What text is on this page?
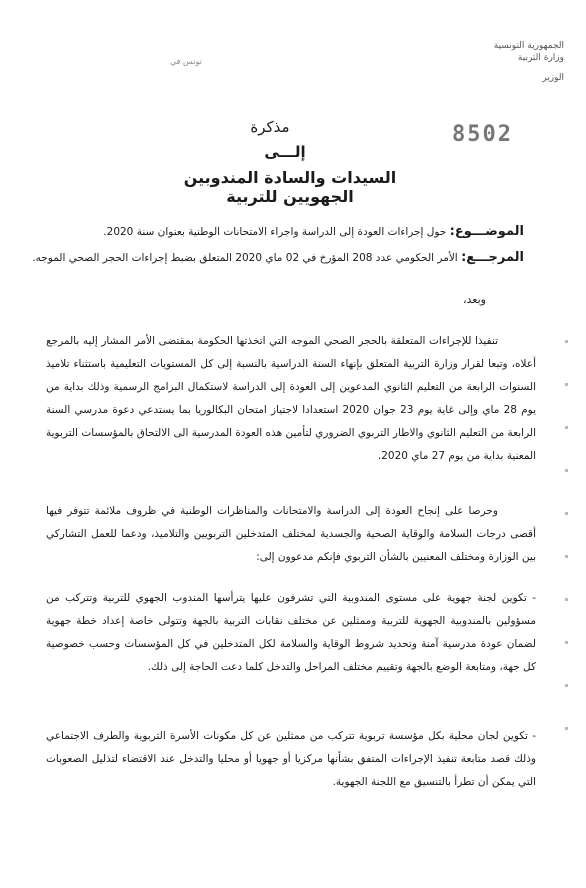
الجمهورية التونسية
وزارة التربية
الوزير
تونس في
8502
مذكرة
إلـــى
السيدات والسادة المندوبين الجهويين للتربية
الموضـــوع: حول إجراءات العودة إلى الدراسة واجراء الامتحانات الوطنية بعنوان سنة 2020.
المرجـــع: الأمر الحكومي عدد 208 المؤرخ في 02 ماي 2020 المتعلق بضبط إجراءات الحجر الصحي الموجه.
وبعد،
تنفيذا للإجراءات المتعلقة بالحجر الصحي الموجه التي اتخذتها الحكومة بمقتضى الأمر المشار إليه بالمرجع أعلاه، وتبعا لقرار وزارة التربية المتعلق بإنهاء السنة الدراسية بالنسبة إلى كل المستويات التعليمية باستثناء تلاميذ السنوات الرابعة من التعليم الثانوي المدعوين إلى العودة إلى الدراسة لاستكمال البرامج الرسمية وذلك بداية من يوم 28 ماي وإلى غاية يوم 23 جوان 2020 استعدادا لاجتياز امتحان البكالوريا بما يستدعي دعوة مدرسي السنة الرابعة من التعليم الثانوي والاطار التربوي الضروري لتأمين هذه العودة المدرسية الى الالتحاق بالمؤسسات التربوية المعنية بداية من يوم 27 ماي 2020.
وحرصا على إنجاح العودة إلى الدراسة والامتحانات والمناظرات الوطنية في ظروف ملائمة تتوفر فيها أقصى درجات السلامة والوقاية الصحية والجسدية لمختلف المتدخلين التربويين والتلاميذ، ودعما للعمل التشاركي بين الوزارة ومختلف المعنيين بالشأن التربوي فإنكم مدعوون إلى:
- تكوين لجنة جهوية على مستوى المندوبية التي تشرفون عليها يترأسها المندوب الجهوي للتربية وتتركب من مسؤولين بالمندوبية الجهوية للتربية وممثلين عن مختلف نقابات التربية بالجهة وتتولى خاصة إعداد خطة جهوية لضمان عودة مدرسية آمنة وتحديد شروط الوقاية والسلامة لكل المتدخلين في كل المؤسسات وحسب خصوصية كل جهة، ومتابعة الوضع بالجهة وتقييم مختلف المراحل والتدخل كلما دعت الحاجة إلى ذلك.
- تكوين لجان محلية بكل مؤسسة تربوية تتركب من ممثلين عن كل مكونات الأسرة التربوية والطرف الاجتماعي وذلك قصد متابعة تنفيذ الإجراءات المتفق بشأنها مركزيا أو جهويا أو محليا والتدخل عند الاقتضاء لتذليل الصعوبات التي يمكن أن تطرأ بالتنسيق مع اللجنة الجهوية.
